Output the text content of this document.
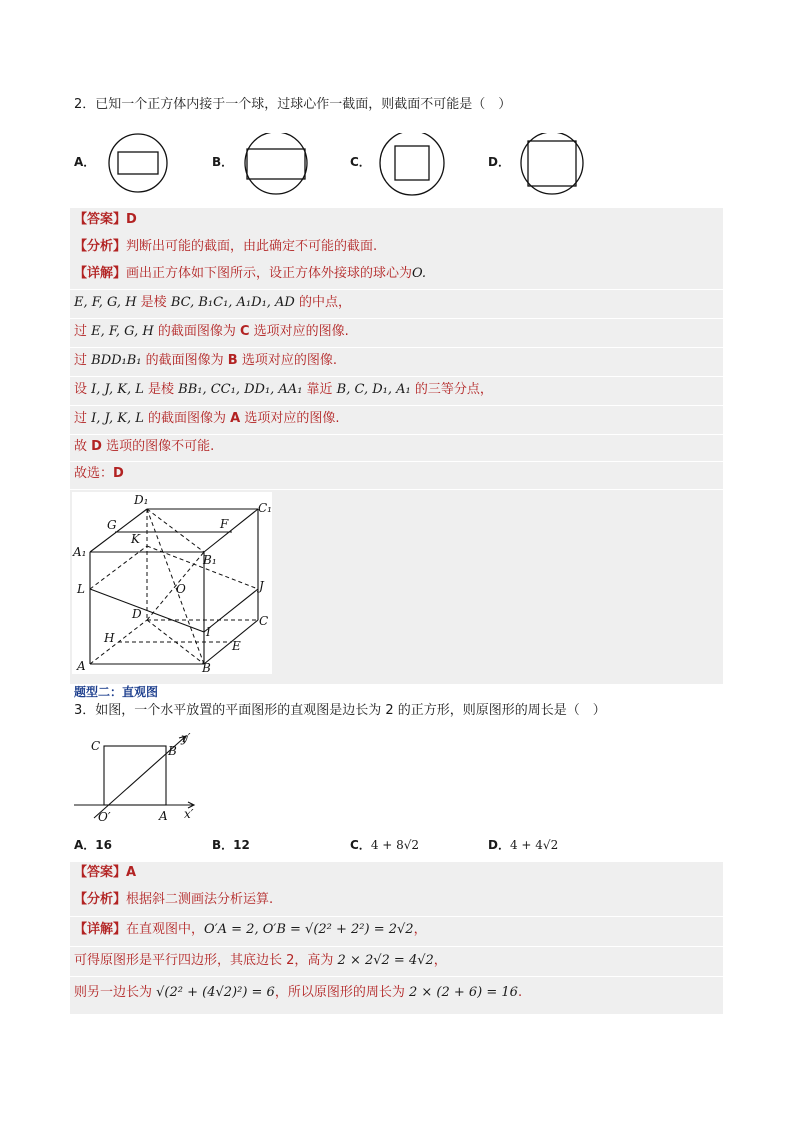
2．已知一个正方体内接于一个球，过球心作一截面，则截面不可能是（　）
A．	B．	C．	D．
【答案】D
【分析】判断出可能的截面，由此确定不可能的截面.
【详解】画出正方体如下图所示，设正方体外接球的球心为O.
E, F, G, H 是棱 BC, B₁C₁, A₁D₁, AD 的中点，
过 E, F, G, H 的截面图像为 C 选项对应的图像.
过 BDD₁B₁ 的截面图像为 B 选项对应的图像.
设 I, J, K, L 是棱 BB₁, CC₁, DD₁, AA₁ 靠近 B, C, D₁, A₁ 的三等分点，
过 I, J, K, L 的截面图像为 A 选项对应的图像.
故 D 选项的图像不可能.
故选：D
D₁
C₁
G	F
A₁
K
B₁
L	O	J
D	C
I
H
E
A	B
题型二：直观图
3．如图，一个水平放置的平面图形的直观图是边长为 2 的正方形，则原图形的周长是（　）
C	B
y′
O′	A x′
A．16	B．12	C．4 + 8√2	D．4 + 4√2
【答案】A
【分析】根据斜二测画法分析运算.
【详解】在直观图中，O′A = 2, O′B = √(2² + 2²) = 2√2，
可得原图形是平行四边形，其底边长 2，高为 2 × 2√2 = 4√2，
则另一边长为 √(2² + (4√2)²) = 6，所以原图形的周长为 2 × (2 + 6) = 16.
